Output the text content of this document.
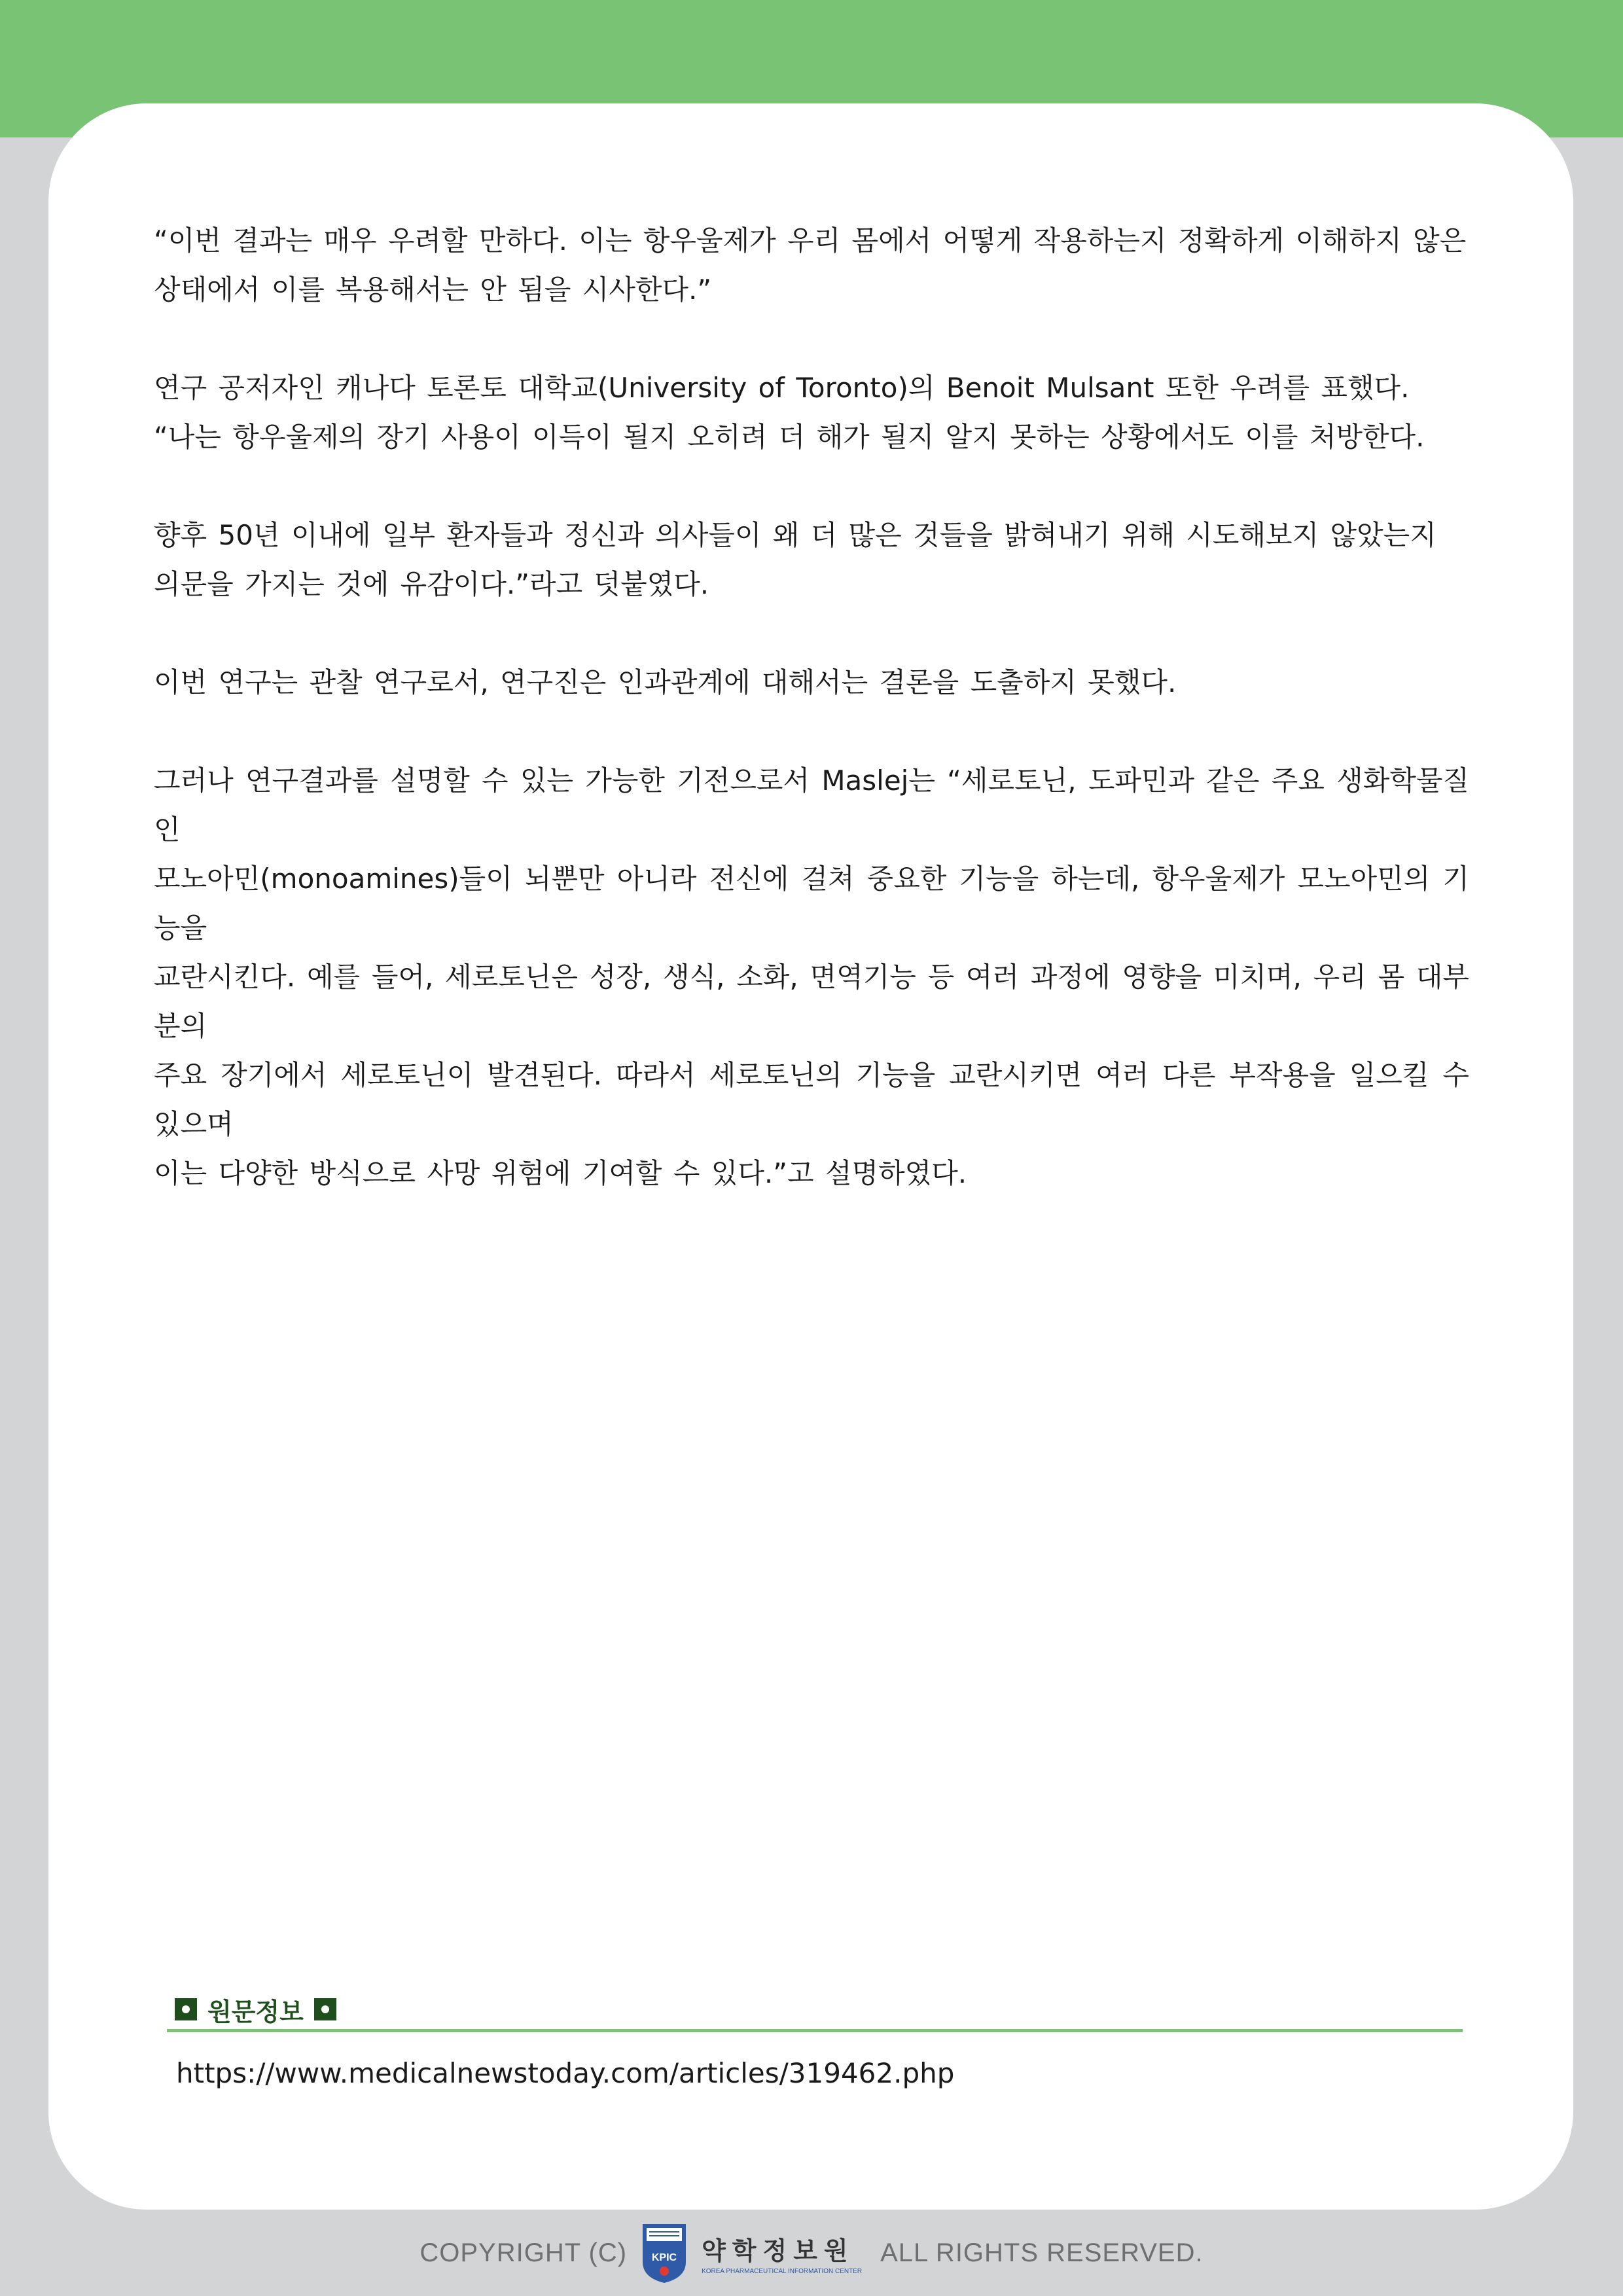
“이번 결과는 매우 우려할 만하다. 이는 항우울제가 우리 몸에서 어떻게 작용하는지 정확하게 이해하지 않은
상태에서 이를 복용해서는 안 됨을 시사한다.”

연구 공저자인 캐나다 토론토 대학교(University of Toronto)의 Benoit Mulsant 또한 우려를 표했다.
“나는 항우울제의 장기 사용이 이득이 될지 오히려 더 해가 될지 알지 못하는 상황에서도 이를 처방한다.

향후 50년 이내에 일부 환자들과 정신과 의사들이 왜 더 많은 것들을 밝혀내기 위해 시도해보지 않았는지
의문을 가지는 것에 유감이다.”라고 덧붙였다.

이번 연구는 관찰 연구로서, 연구진은 인과관계에 대해서는 결론을 도출하지 못했다.

그러나 연구결과를 설명할 수 있는 가능한 기전으로서 Maslej는 “세로토닌, 도파민과 같은 주요 생화학물질인
모노아민(monoamines)들이 뇌뿐만 아니라 전신에 걸쳐 중요한 기능을 하는데, 항우울제가 모노아민의 기능을
교란시킨다. 예를 들어, 세로토닌은 성장, 생식, 소화, 면역기능 등 여러 과정에 영향을 미치며, 우리 몸 대부분의
주요 장기에서 세로토닌이 발견된다. 따라서 세로토닌의 기능을 교란시키면 여러 다른 부작용을 일으킬 수 있으며
이는 다양한 방식으로 사망 위험에 기여할 수 있다.”고 설명하였다.

원문정보
https://www.medicalnewstoday.com/articles/319462.php
COPYRIGHT (C) KPIC 약학정보원
KOREA PHARMACEUTICAL INFORMATION CENTER
ALL RIGHTS RESERVED.
